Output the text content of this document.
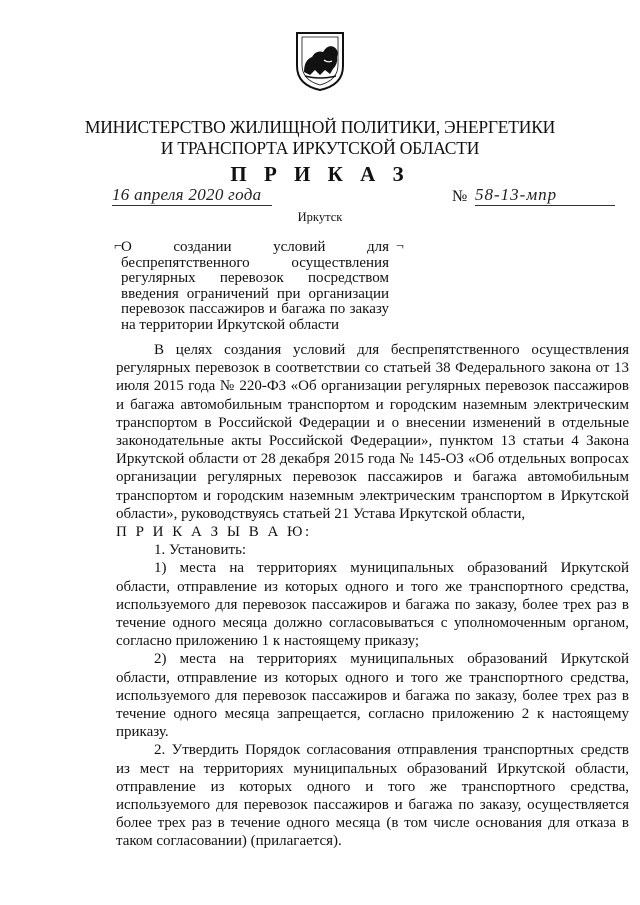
МИНИСТЕРСТВО ЖИЛИЩНОЙ ПОЛИТИКИ, ЭНЕРГЕТИКИ
И ТРАНСПОРТА ИРКУТСКОЙ ОБЛАСТИ
П Р И К А З
16 апреля 2020 года	№ 58-13-мпр
Иркутск
⌐	¬
О создании условий для беспрепятственного осуществления регулярных перевозок посредством введения ограничений при организации перевозок пассажиров и багажа по заказу на территории Иркутской области

В целях создания условий для беспрепятственного осуществления регулярных перевозок в соответствии со статьей 38 Федерального закона от 13 июля 2015 года № 220-ФЗ «Об организации регулярных перевозок пассажиров и багажа автомобильным транспортом и городским наземным электрическим транспортом в Российской Федерации и о внесении изменений в отдельные законодательные акты Российской Федерации», пунктом 13 статьи 4 Закона Иркутской области от 28 декабря 2015 года № 145-ОЗ «Об отдельных вопросах организации регулярных перевозок пассажиров и багажа автомобильным транспортом и городским наземным электрическим транспортом в Иркутской области», руководствуясь статьей 21 Устава Иркутской области,

П Р И К А З Ы В А Ю:

1. Установить:

1) места на территориях муниципальных образований Иркутской области, отправление из которых одного и того же транспортного средства, используемого для перевозок пассажиров и багажа по заказу, более трех раз в течение одного месяца должно согласовываться с уполномоченным органом, согласно приложению 1 к настоящему приказу;

2) места на территориях муниципальных образований Иркутской области, отправление из которых одного и того же транспортного средства, используемого для перевозок пассажиров и багажа по заказу, более трех раз в течение одного месяца запрещается, согласно приложению 2 к настоящему приказу.

2. Утвердить Порядок согласования отправления транспортных средств из мест на территориях муниципальных образований Иркутской области, отправление из которых одного и того же транспортного средства, используемого для перевозок пассажиров и багажа по заказу, осуществляется более трех раз в течение одного месяца (в том числе основания для отказа в таком согласовании) (прилагается).
